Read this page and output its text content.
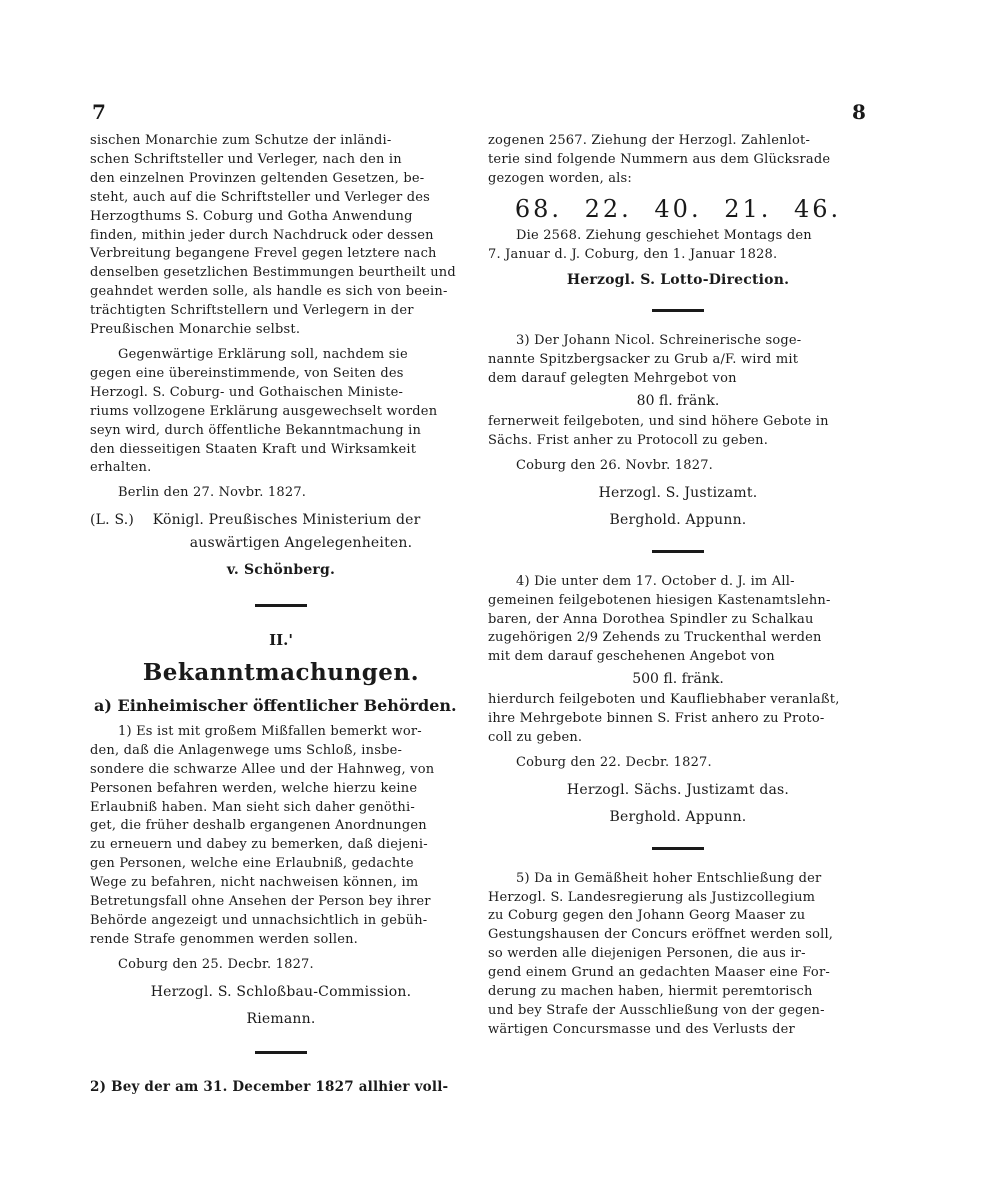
7	8
sischen Monarchie zum Schutze der inländi-
schen Schriftsteller und Verleger, nach den in
den einzelnen Provinzen geltenden Gesetzen, be-
steht, auch auf die Schriftsteller und Verleger des
Herzogthums S. Coburg und Gotha Anwendung
finden, mithin jeder durch Nachdruck oder dessen
Verbreitung begangene Frevel gegen letztere nach
denselben gesetzlichen Bestimmungen beurtheilt und
geahndet werden solle, als handle es sich von beein-
trächtigten Schriftstellern und Verlegern in der
Preußischen Monarchie selbst.
Gegenwärtige Erklärung soll, nachdem sie
gegen eine übereinstimmende, von Seiten des
Herzogl. S. Coburg- und Gothaischen Ministe-
riums vollzogene Erklärung ausgewechselt worden
seyn wird, durch öffentliche Bekanntmachung in
den diesseitigen Staaten Kraft und Wirksamkeit
erhalten.
Berlin den 27. Novbr. 1827.
(L. S.) Königl. Preußisches Ministerium der
auswärtigen Angelegenheiten.
v. Schönberg.
II.'
Bekanntmachungen.
a) Einheimischer öffentlicher Behörden.
1) Es ist mit großem Mißfallen bemerkt wor-
den, daß die Anlagenwege ums Schloß, insbe-
sondere die schwarze Allee und der Hahnweg, von
Personen befahren werden, welche hierzu keine
Erlaubniß haben. Man sieht sich daher genöthi-
get, die früher deshalb ergangenen Anordnungen
zu erneuern und dabey zu bemerken, daß diejeni-
gen Personen, welche eine Erlaubniß, gedachte
Wege zu befahren, nicht nachweisen können, im
Betretungsfall ohne Ansehen der Person bey ihrer
Behörde angezeigt und unnachsichtlich in gebüh-
rende Strafe genommen werden sollen.
Coburg den 25. Decbr. 1827.
Herzogl. S. Schloßbau-Commission.
Riemann.
2) Bey der am 31. December 1827 allhier voll-
zogenen 2567. Ziehung der Herzogl. Zahlenlot-
terie sind folgende Nummern aus dem Glücksrade
gezogen worden, als:
68. 22. 40. 21. 46.
Die 2568. Ziehung geschiehet Montags den
7. Januar d. J. Coburg, den 1. Januar 1828.
Herzogl. S. Lotto-Direction.
3) Der Johann Nicol. Schreinerische soge-
nannte Spitzbergsacker zu Grub a/F. wird mit
dem darauf gelegten Mehrgebot von
80 fl. fränk.
fernerweit feilgeboten, und sind höhere Gebote in
Sächs. Frist anher zu Protocoll zu geben.
Coburg den 26. Novbr. 1827.
Herzogl. S. Justizamt.
Berghold. Appunn.
4) Die unter dem 17. October d. J. im All-
gemeinen feilgebotenen hiesigen Kastenamtslehn-
baren, der Anna Dorothea Spindler zu Schalkau
zugehörigen 2/9 Zehends zu Truckenthal werden
mit dem darauf geschehenen Angebot von
500 fl. fränk.
hierdurch feilgeboten und Kaufliebhaber veranlaßt,
ihre Mehrgebote binnen S. Frist anhero zu Proto-
coll zu geben.
Coburg den 22. Decbr. 1827.
Herzogl. Sächs. Justizamt das.
Berghold. Appunn.
5) Da in Gemäßheit hoher Entschließung der
Herzogl. S. Landesregierung als Justizcollegium
zu Coburg gegen den Johann Georg Maaser zu
Gestungshausen der Concurs eröffnet werden soll,
so werden alle diejenigen Personen, die aus ir-
gend einem Grund an gedachten Maaser eine For-
derung zu machen haben, hiermit peremtorisch
und bey Strafe der Ausschließung von der gegen-
wärtigen Concursmasse und des Verlusts der
